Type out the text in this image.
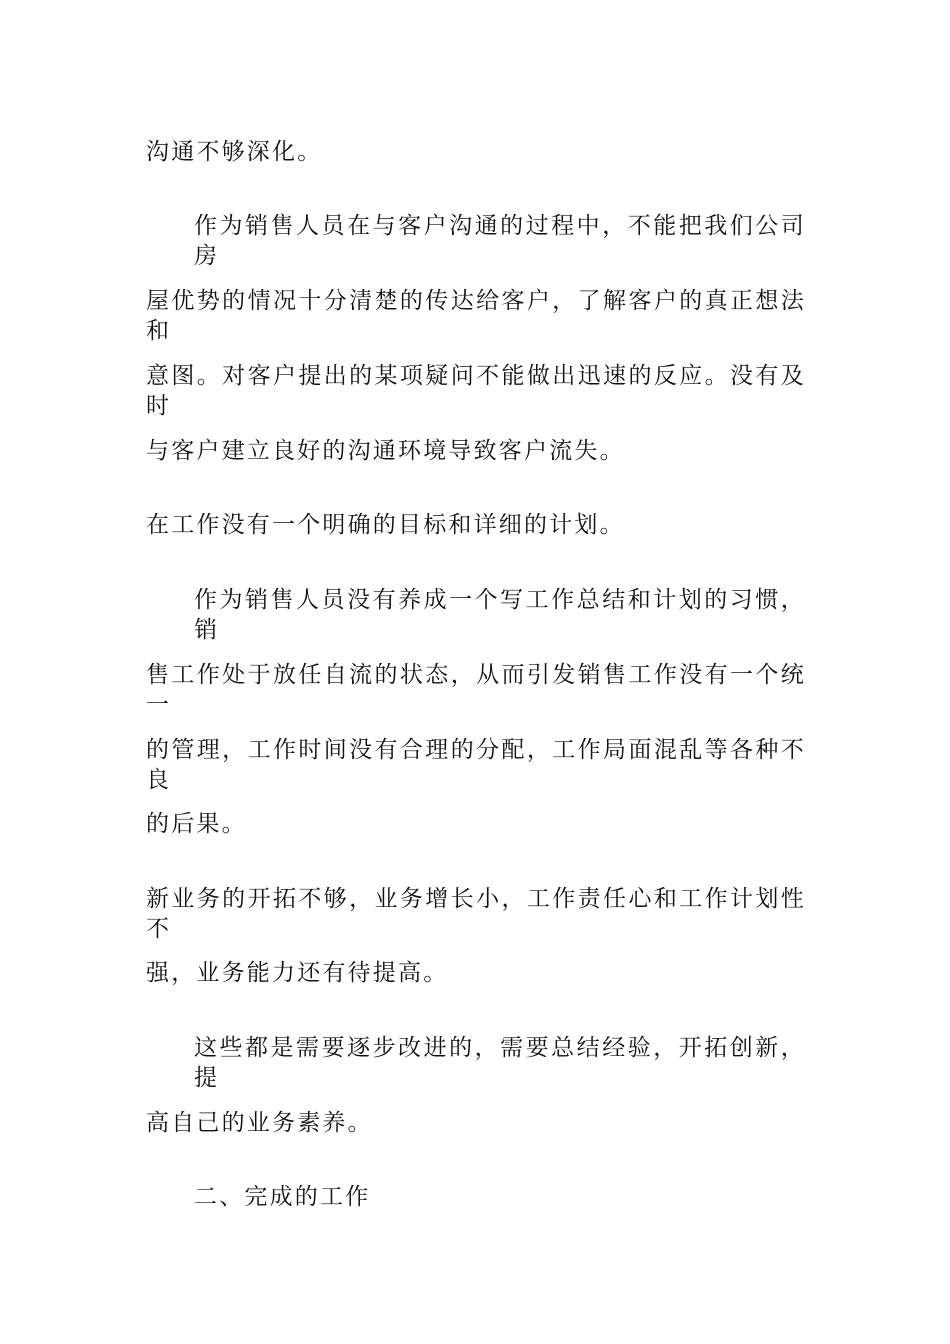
沟通不够深化。
作为销售人员在与客户沟通的过程中，不能把我们公司房
屋优势的情况十分清楚的传达给客户，了解客户的真正想法和
意图。对客户提出的某项疑问不能做出迅速的反应。没有及时
与客户建立良好的沟通环境导致客户流失。
在工作没有一个明确的目标和详细的计划。
作为销售人员没有养成一个写工作总结和计划的习惯，销
售工作处于放任自流的状态，从而引发销售工作没有一个统一
的管理，工作时间没有合理的分配，工作局面混乱等各种不良
的后果。
新业务的开拓不够，业务增长小，工作责任心和工作计划性不
强，业务能力还有待提高。
这些都是需要逐步改进的，需要总结经验，开拓创新，提
高自己的业务素养。
二、完成的工作
